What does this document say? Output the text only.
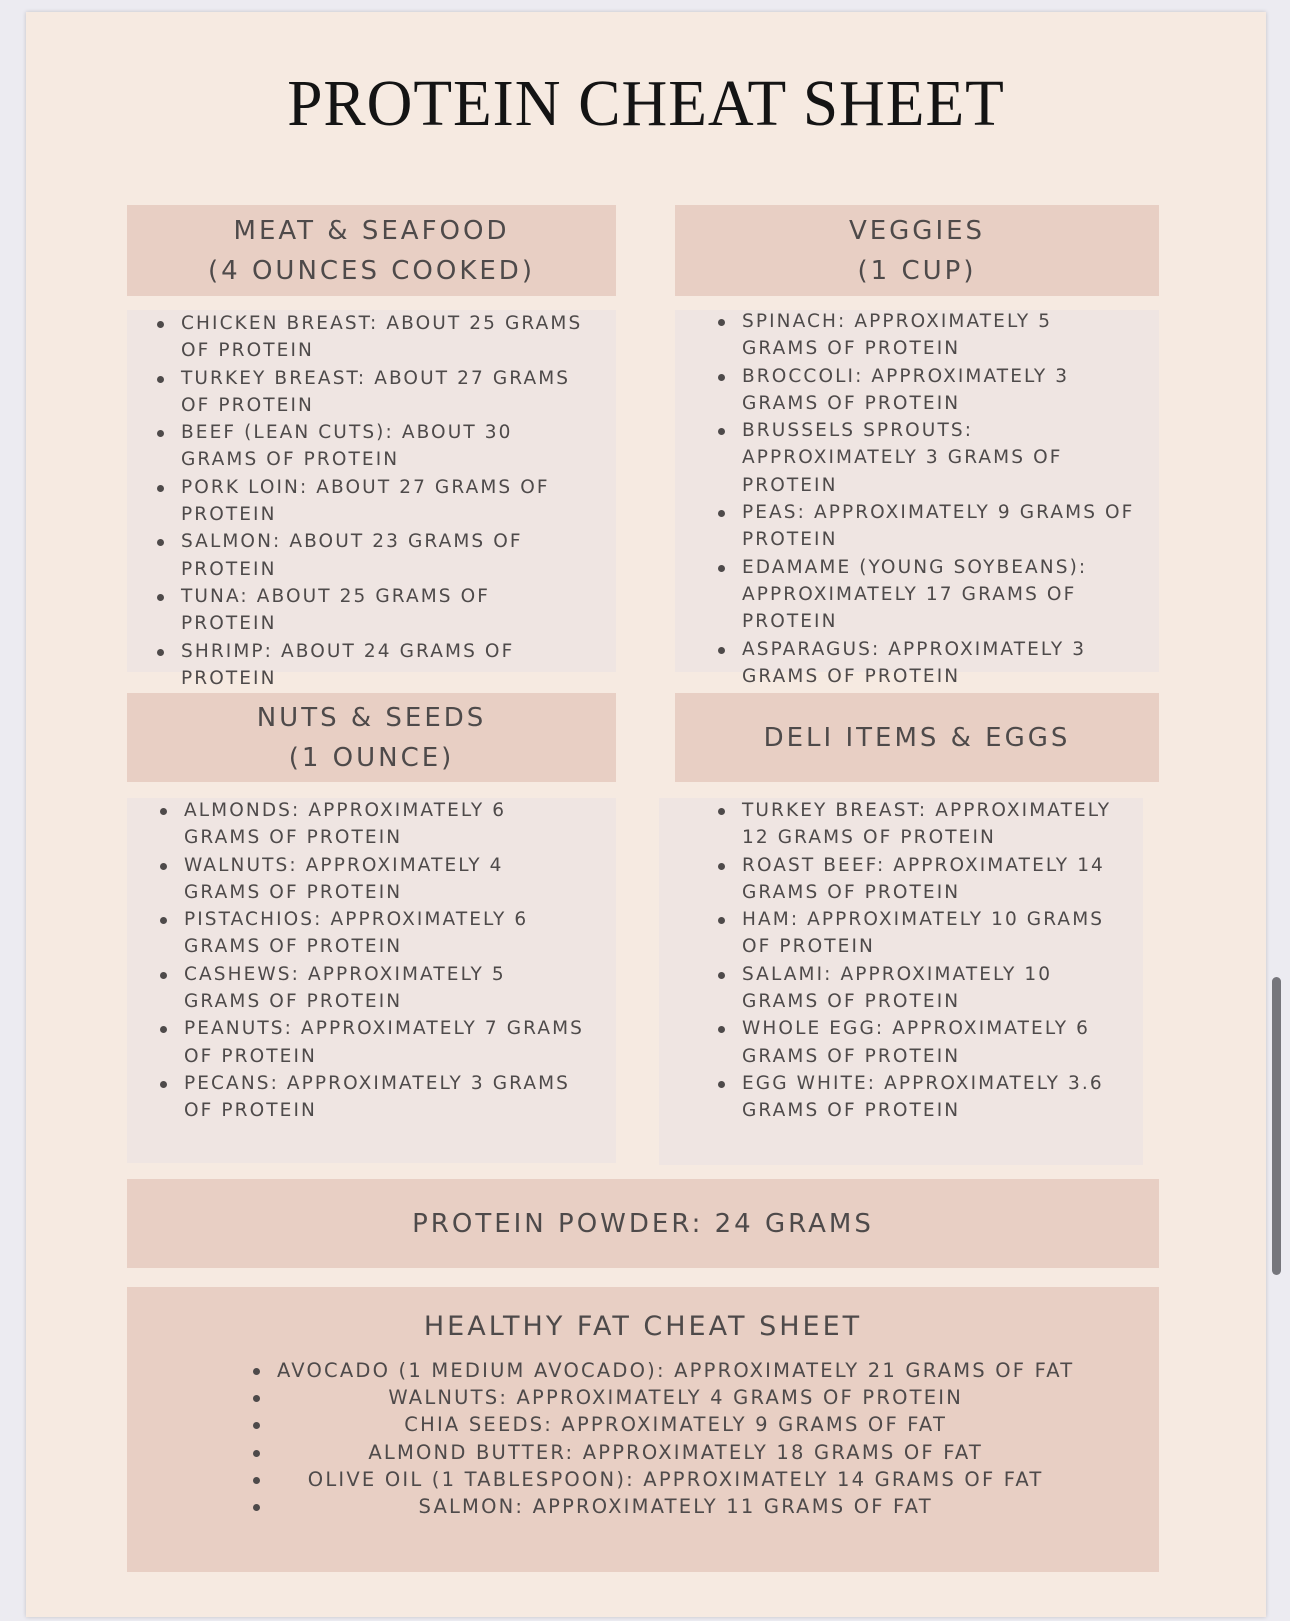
PROTEIN CHEAT SHEET
MEAT & SEAFOOD
(4 OUNCES COOKED)
CHICKEN BREAST: ABOUT 25 GRAMS OF PROTEIN
TURKEY BREAST: ABOUT 27 GRAMS OF PROTEIN
BEEF (LEAN CUTS): ABOUT 30 GRAMS OF PROTEIN
PORK LOIN: ABOUT 27 GRAMS OF PROTEIN
SALMON: ABOUT 23 GRAMS OF PROTEIN
TUNA: ABOUT 25 GRAMS OF PROTEIN
SHRIMP: ABOUT 24 GRAMS OF PROTEIN
VEGGIES
(1 CUP)
SPINACH: APPROXIMATELY 5 GRAMS OF PROTEIN
BROCCOLI: APPROXIMATELY 3 GRAMS OF PROTEIN
BRUSSELS SPROUTS: APPROXIMATELY 3 GRAMS OF PROTEIN
PEAS: APPROXIMATELY 9 GRAMS OF PROTEIN
EDAMAME (YOUNG SOYBEANS): APPROXIMATELY 17 GRAMS OF PROTEIN
ASPARAGUS: APPROXIMATELY 3 GRAMS OF PROTEIN
NUTS & SEEDS
(1 OUNCE)
ALMONDS: APPROXIMATELY 6 GRAMS OF PROTEIN
WALNUTS: APPROXIMATELY 4 GRAMS OF PROTEIN
PISTACHIOS: APPROXIMATELY 6 GRAMS OF PROTEIN
CASHEWS: APPROXIMATELY 5 GRAMS OF PROTEIN
PEANUTS: APPROXIMATELY 7 GRAMS OF PROTEIN
PECANS: APPROXIMATELY 3 GRAMS OF PROTEIN
DELI ITEMS & EGGS
TURKEY BREAST: APPROXIMATELY 12 GRAMS OF PROTEIN
ROAST BEEF: APPROXIMATELY 14 GRAMS OF PROTEIN
HAM: APPROXIMATELY 10 GRAMS OF PROTEIN
SALAMI: APPROXIMATELY 10 GRAMS OF PROTEIN
WHOLE EGG: APPROXIMATELY 6 GRAMS OF PROTEIN
EGG WHITE: APPROXIMATELY 3.6 GRAMS OF PROTEIN
PROTEIN POWDER: 24 GRAMS
HEALTHY FAT CHEAT SHEET
AVOCADO (1 MEDIUM AVOCADO): APPROXIMATELY 21 GRAMS OF FAT
WALNUTS: APPROXIMATELY 4 GRAMS OF PROTEIN
CHIA SEEDS: APPROXIMATELY 9 GRAMS OF FAT
ALMOND BUTTER: APPROXIMATELY 18 GRAMS OF FAT
OLIVE OIL (1 TABLESPOON): APPROXIMATELY 14 GRAMS OF FAT
SALMON: APPROXIMATELY 11 GRAMS OF FAT
